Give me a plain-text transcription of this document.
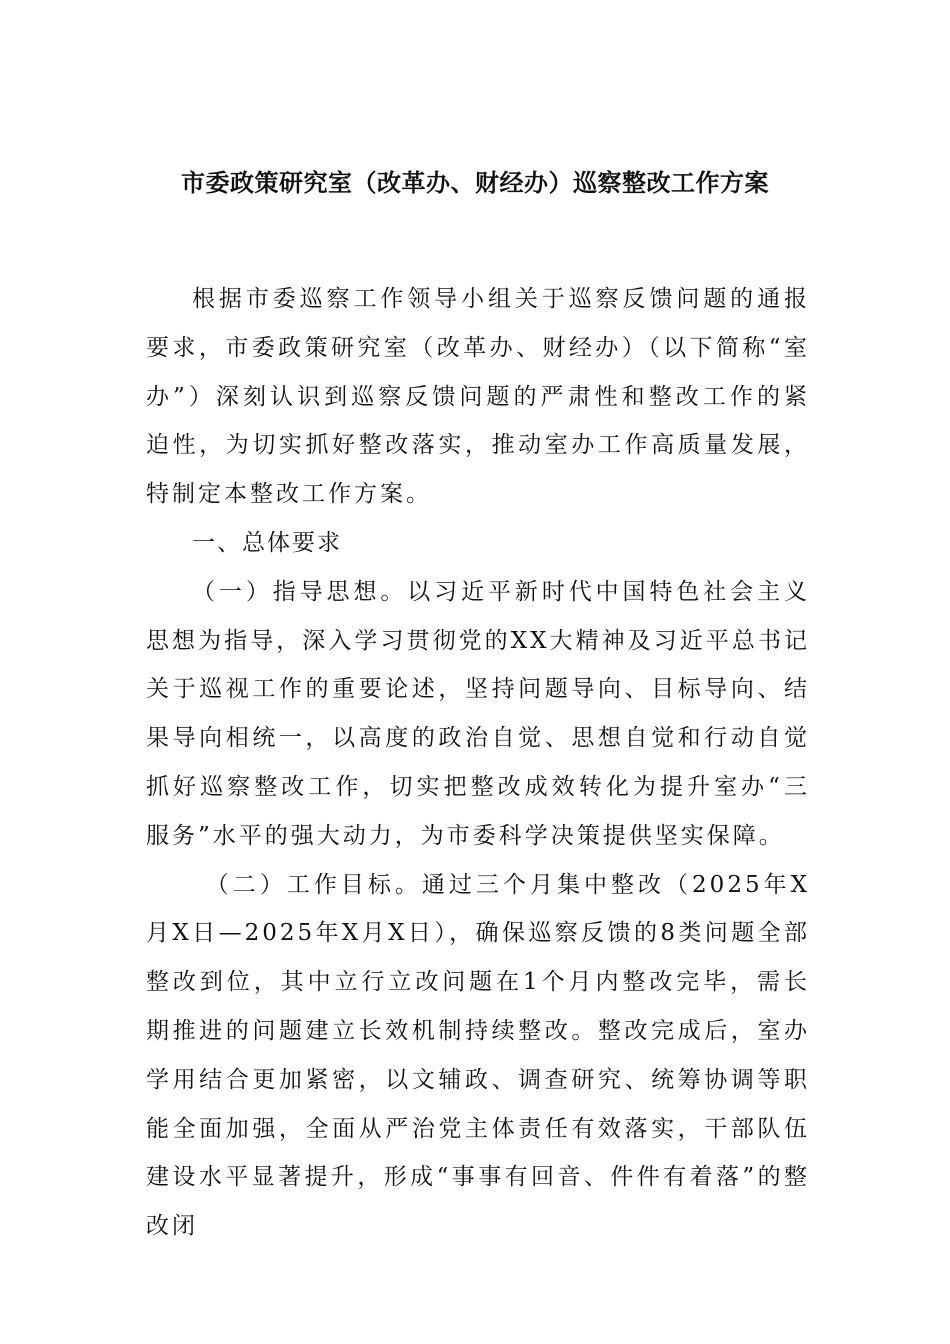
市委政策研究室（改革办、财经办）巡察整改工作方案

根据市委巡察工作领导小组关于巡察反馈问题的通报要求，市委政策研究室（改革办、财经办）（以下简称“室办”）深刻认识到巡察反馈问题的严肃性和整改工作的紧迫性，为切实抓好整改落实，推动室办工作高质量发展，特制定本整改工作方案。

一、总体要求

（一）指导思想。以习近平新时代中国特色社会主义思想为指导，深入学习贯彻党的XX大精神及习近平总书记关于巡视工作的重要论述，坚持问题导向、目标导向、结果导向相统一，以高度的政治自觉、思想自觉和行动自觉抓好巡察整改工作，切实把整改成效转化为提升室办“三服务”水平的强大动力，为市委科学决策提供坚实保障。

（二）工作目标。通过三个月集中整改（2025年X月X日—2025年X月X日），确保巡察反馈的8类问题全部整改到位，其中立行立改问题在1个月内整改完毕，需长期推进的问题建立长效机制持续整改。整改完成后，室办学用结合更加紧密，以文辅政、调查研究、统筹协调等职能全面加强，全面从严治党主体责任有效落实，干部队伍建设水平显著提升，形成“事事有回音、件件有着落”的整改闭
